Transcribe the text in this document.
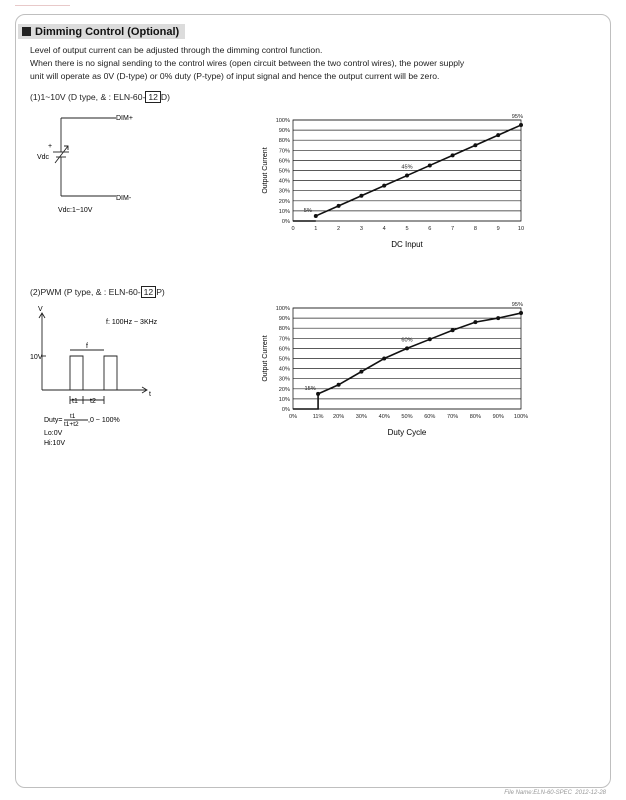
Dimming Control (Optional)
Level of output current can be adjusted through the dimming control function.
When there is no signal sending to the control wires (open circuit between the two control wires), the power supply
unit will operate as 0V (D-type) or 0% duty (P-type) of input signal and hence the output current will be zero.
(1)1~10V (D type, & : ELN-60- 12 D)
DIM+
DIM-
+
Vdc
Vdc:1~10V
0%
10%
20%
30%
40%
50%
60%
70%
80%
90%
100%
0	1	2	3	4	5	6	7	8	9	10
5%
45%
95%
DC Input
Output Current
(2)PWM (P type, & : ELN-60- 12 P)
V
t
f: 100Hz ~ 3KHz
10V
f
t1 t2
Duty=
t1
t1+t2
,0 ~ 100%
Lo:0V
Hi:10V
0%
10%
20%
30%
40%
50%
60%
70%
80%
90%
100%
0%	11% 20% 30% 40% 50% 60% 70% 80% 90% 100%
15%
60%
95%
Duty Cycle
Output Current
File Name:ELN-60-SPEC 2012-12-28
